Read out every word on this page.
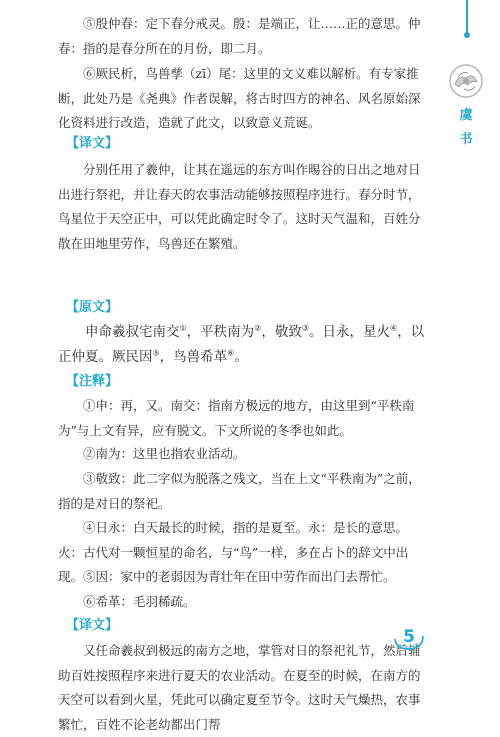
虞
书

⑤殷仲春：定下春分戒灵。殷：是端正，让……正的意思。仲春：指的是春分所在的月份，即二月。

⑥厥民析，鸟兽孳（zī）尾：这里的文义难以解析。有专家推断，此处乃是《尧典》作者误解，将古时四方的神名、风名原始深化资料进行改造，造就了此文，以致意义荒诞。

【译文】

分别任用了羲仲，让其在遥远的东方叫作晹谷的日出之地对日出进行祭祀，并让春天的农事活动能够按照程序进行。春分时节，鸟星位于天空正中，可以凭此确定时令了。这时天气温和，百姓分散在田地里劳作，鸟兽还在繁殖。

【原文】

申命羲叔宅南交①，平秩南为②，敬致③。日永，星火④，以正仲夏。厥民因⑤，鸟兽希革⑥。

【注释】

①申：再，又。南交：指南方极远的地方，由这里到“平秩南为”与上文有异，应有脱文。下文所说的冬季也如此。

②南为：这里也指农业活动。

③敬致：此二字似为脱落之残文，当在上文“平秩南为”之前，指的是对日的祭祀。

④日永：白天最长的时候，指的是夏至。永：是长的意思。火：古代对一颗恒星的命名，与“鸟”一样，多在占卜的辞文中出现。 ⑤因：家中的老弱因为青壮年在田中劳作而出门去帮忙。

⑥希革：毛羽稀疏。

【译文】

又任命羲叔到极远的南方之地，掌管对日的祭祀礼节，然后辅助百姓按照程序来进行夏天的农业活动。在夏至的时候，在南方的天空可以看到火星，凭此可以确定夏至节令。这时天气燥热，农事繁忙，百姓不论老幼都出门帮

5
